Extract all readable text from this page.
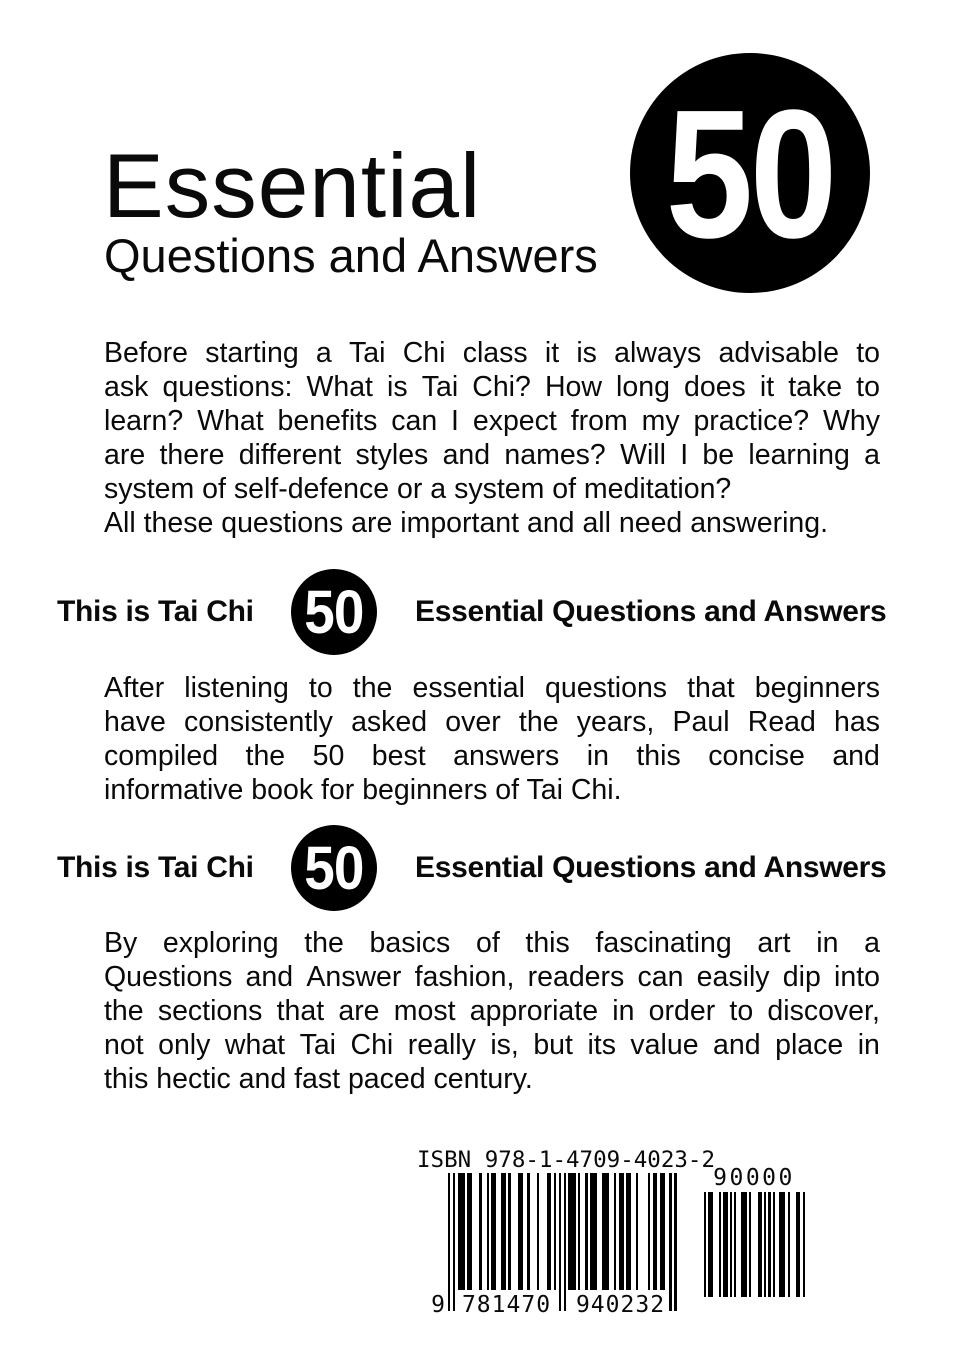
Essential
Questions and Answers 50
Before starting a Tai Chi class it is always advisable to
ask questions: What is Tai Chi? How long does it take to
learn? What benefits can I expect from my practice? Why
are there different styles and names? Will I be learning a
system of self-defence or a system of meditation?
All these questions are important and all need answering.
This is Tai Chi 50 Essential Questions and Answers
After listening to the essential questions that beginners
have consistently asked over the years, Paul Read has
compiled the 50 best answers in this concise and
informative book for beginners of Tai Chi.
This is Tai Chi 50 Essential Questions and Answers
By exploring the basics of this fascinating art in a
Questions and Answer fashion, readers can easily dip into
the sections that are most approriate in order to discover,
not only what Tai Chi really is, but its value and place in
this hectic and fast paced century.
ISBN 978-1-4709-4023-2
9 781470 940232
90000
